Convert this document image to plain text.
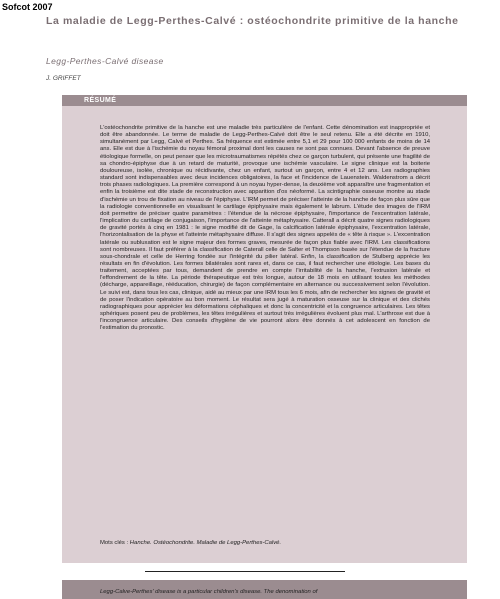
Sofcot 2007
La maladie de Legg-Perthes-Calvé : ostéochondrite primitive de la hanche
Legg-Perthes-Calvé disease
J. GRIFFET
RÉSUMÉ

L'ostéochondrite primitive de la hanche est une maladie très particulière de l'enfant. Cette dénomination est inappropriée et doit être abandonnée. Le terme de maladie de Legg-Perthes-Calvé doit être le seul retenu. Elle a été décrite en 1910, simultanément par Legg, Calvé et Perthes. Sa fréquence est estimée entre 5,1 et 29 pour 100 000 enfants de moins de 14 ans. Elle est due à l'ischémie du noyau fémoral proximal dont les causes ne sont pas connues. Devant l'absence de preuve étiologique formelle, on peut penser que les microtraumatismes répétés chez ce garçon turbulent, qui présente une fragilité de sa chondro-épiphyse due à un retard de maturité, provoque une ischémie vasculaire. Le signe clinique est la boiterie douloureuse, isolée, chronique ou récidivante, chez un enfant, surtout un garçon, entre 4 et 12 ans. Les radiographies standard sont indispensables avec deux incidences obligatoires, la face et l'incidence de Lauenstein. Waldenstrom a décrit trois phases radiologiques. La première correspond à un noyau hyper-dense, la deuxième voit apparaître une fragmentation et enfin la troisième est dite stade de reconstruction avec apparition d'os néoformé. La scintigraphie osseuse montre au stade d'ischémie un trou de fixation au niveau de l'épiphyse. L'IRM permet de préciser l'atteinte de la hanche de façon plus sûre que la radiologie conventionnelle en visualisant le cartilage épiphysaire mais également le labrum. L'étude des images de l'IRM doit permettre de préciser quatre paramètres : l'étendue de la nécrose épiphysaire, l'importance de l'excentration latérale, l'implication du cartilage de conjugaison, l'importance de l'atteinte métaphysaire. Catterall a décrit quatre signes radiologiques de gravité portés à cinq en 1981 : le signe modifié dit de Gage, la calcification latérale épiphysaire, l'excentration latérale, l'horizontalisation de la physe et l'atteinte métaphysaire diffuse. Il s'agit des signes appelés de « tête à risque ». L'excentration latérale ou subluxation est le signe majeur des formes graves, mesurée de façon plus fiable avec l'IRM. Les classifications sont nombreuses. Il faut préférer à la classification de Caterall celle de Salter et Thompson basée sur l'étendue de la fracture sous-chondrale et celle de Herring fondée sur l'intégrité du pilier latéral. Enfin, la classification de Stulberg apprécie les résultats en fin d'évolution. Les formes bilatérales sont rares et, dans ce cas, il faut rechercher une étiologie. Les bases du traitement, acceptées par tous, demandent de prendre en compte l'irritabilité de la hanche, l'extrusion latérale et l'effondrement de la tête. La période thérapeutique est très longue, autour de 18 mois en utilisant toutes les méthodes (décharge, appareillage, rééducation, chirurgie) de façon complémentaire en alternance ou successivement selon l'évolution. Le suivi est, dans tous les cas, clinique, aidé au mieux par une IRM tous les 6 mois, afin de rechercher les signes de gravité et de poser l'indication opératoire au bon moment. Le résultat sera jugé à maturation osseuse sur la clinique et des clichés radiographiques pour apprécier les déformations céphaliques et donc la concentricité et la congruence articulaires. Les têtes sphériques posent peu de problèmes, les têtes irrégulières et surtout très irrégulières évoluent plus mal. L'arthrose est due à l'incongruence articulaire. Des conseils d'hygiène de vie pourront alors être donnés à cet adolescent en fonction de l'estimation du pronostic.

Mots clés : Hanche. Ostéochondrite. Maladie de Legg-Perthes-Calvé.
Legg-Calve-Perthes' disease is a particular children's disease. The denomination of
